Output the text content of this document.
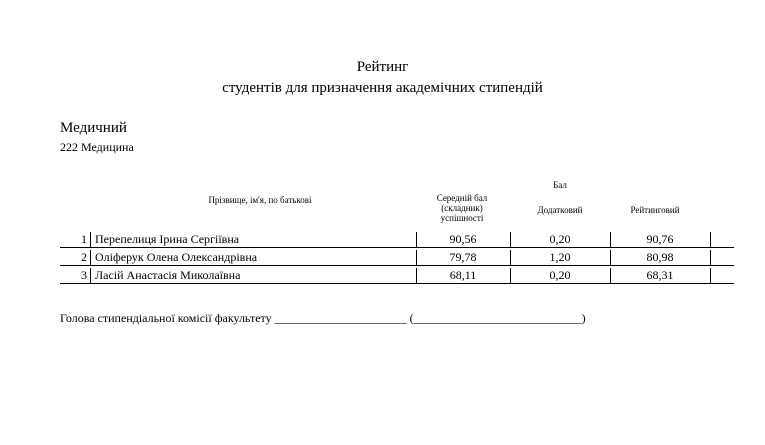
Рейтинг
студентів для призначення академічних стипендій
Медичний
222 Медицина
Прізвище, ім'я, по батькові
Бал
Середній бал (складник) успішності
Додатковий	Рейтинговий
1 Перепелиця Ірина Сергіївна	90,56	0,20	90,76
2 Оліферук Олена Олександрівна	79,78	1,20	80,98
3 Ласій Анастасія Миколаївна	68,11	0,20	68,31
Голова стипендіальної комісії факультету ______________________ (____________________________)
